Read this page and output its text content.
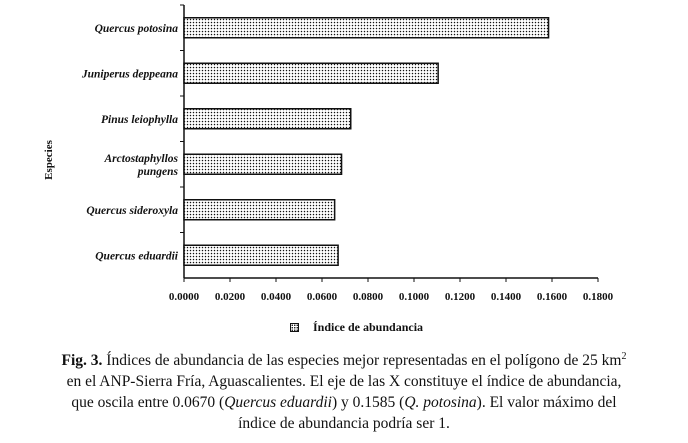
Quercus potosina
Juniperus deppeana
Pinus leiophylla
Arctostaphyllos pungens
Quercus sideroxyla
Quercus eduardii
0.0000 0.0200 0.0400 0.0600 0.0800 0.1000 0.1200 0.1400 0.1600 0.1800
Especies
Índice de abundancia
Fig. 3. Índices de abundancia de las especies mejor representadas en el polígono de 25 $km^2$
en el ANP-Sierra Fría, Aguascalientes. El eje de las X constituye el índice de abundancia,
que oscila entre 0.0670 (Quercus eduardii) y 0.1585 (Q. potosina). El valor máximo del
índice de abundancia podría ser 1.
